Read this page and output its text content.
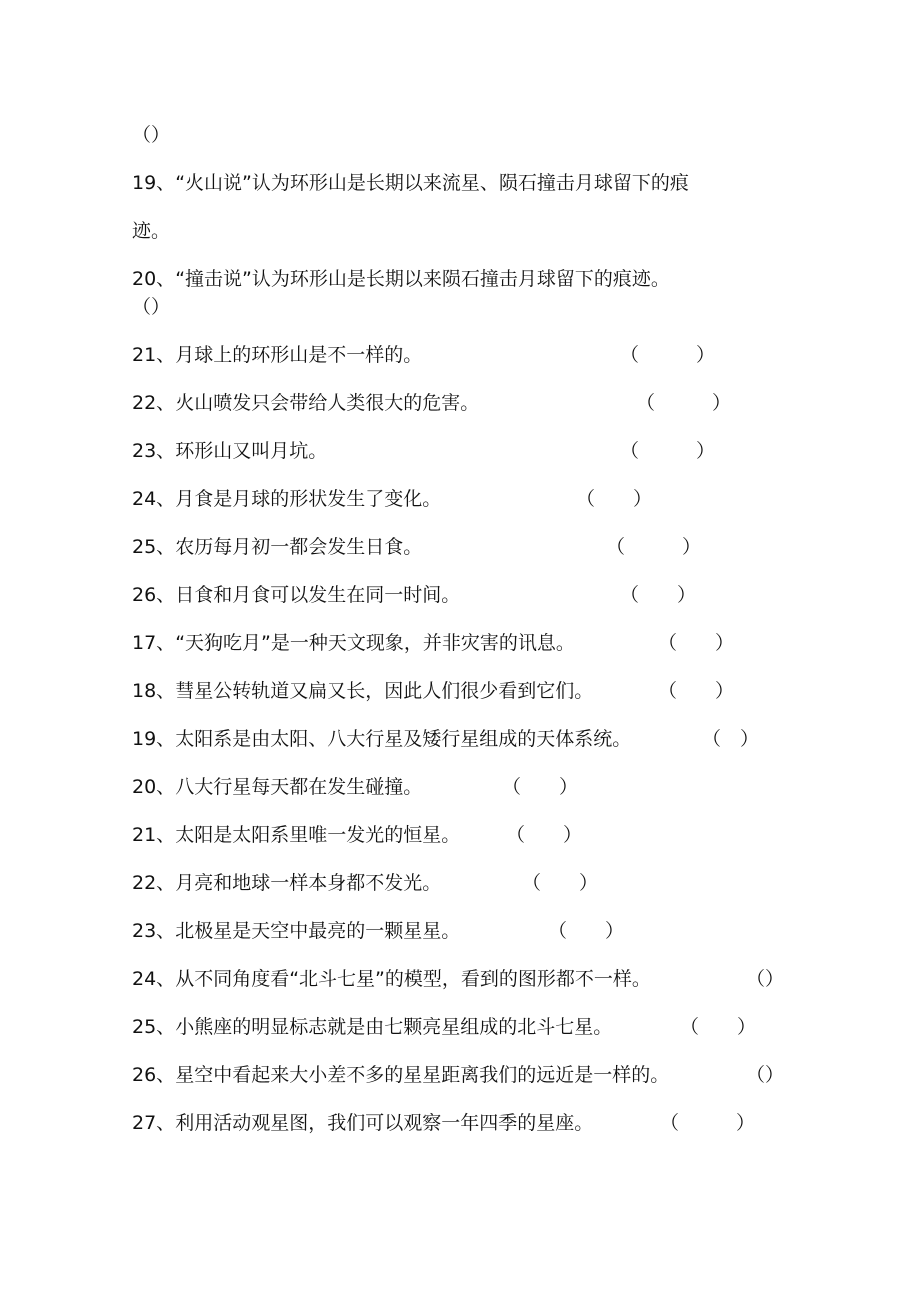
（）
19、“火山说”认为环形山是长期以来流星、陨石撞击月球留下的痕
迹。
20、“撞击说”认为环形山是长期以来陨石撞击月球留下的痕迹。
（）
21、月球上的环形山是不一样的。	（　　　）
22、火山喷发只会带给人类很大的危害。	（　　　）
23、环形山又叫月坑。	（　　　）
24、月食是月球的形状发生了变化。	（　　）
25、农历每月初一都会发生日食。	（　　　）
26、日食和月食可以发生在同一时间。	（　　）
17、“天狗吃月”是一种天文现象，并非灾害的讯息。	（　　）
18、彗星公转轨道又扁又长，因此人们很少看到它们。	（　　）
19、太阳系是由太阳、八大行星及矮行星组成的天体系统。	（　）
20、八大行星每天都在发生碰撞。	（　　）
21、太阳是太阳系里唯一发光的恒星。 （　　）
22、月亮和地球一样本身都不发光。	（　　）
23、北极星是天空中最亮的一颗星星。	（　　）
24、从不同角度看“北斗七星”的模型，看到的图形都不一样。	（）
25、小熊座的明显标志就是由七颗亮星组成的北斗七星。	（　　）
26、星空中看起来大小差不多的星星距离我们的远近是一样的。	（）
27、利用活动观星图，我们可以观察一年四季的星座。	（　　　）
